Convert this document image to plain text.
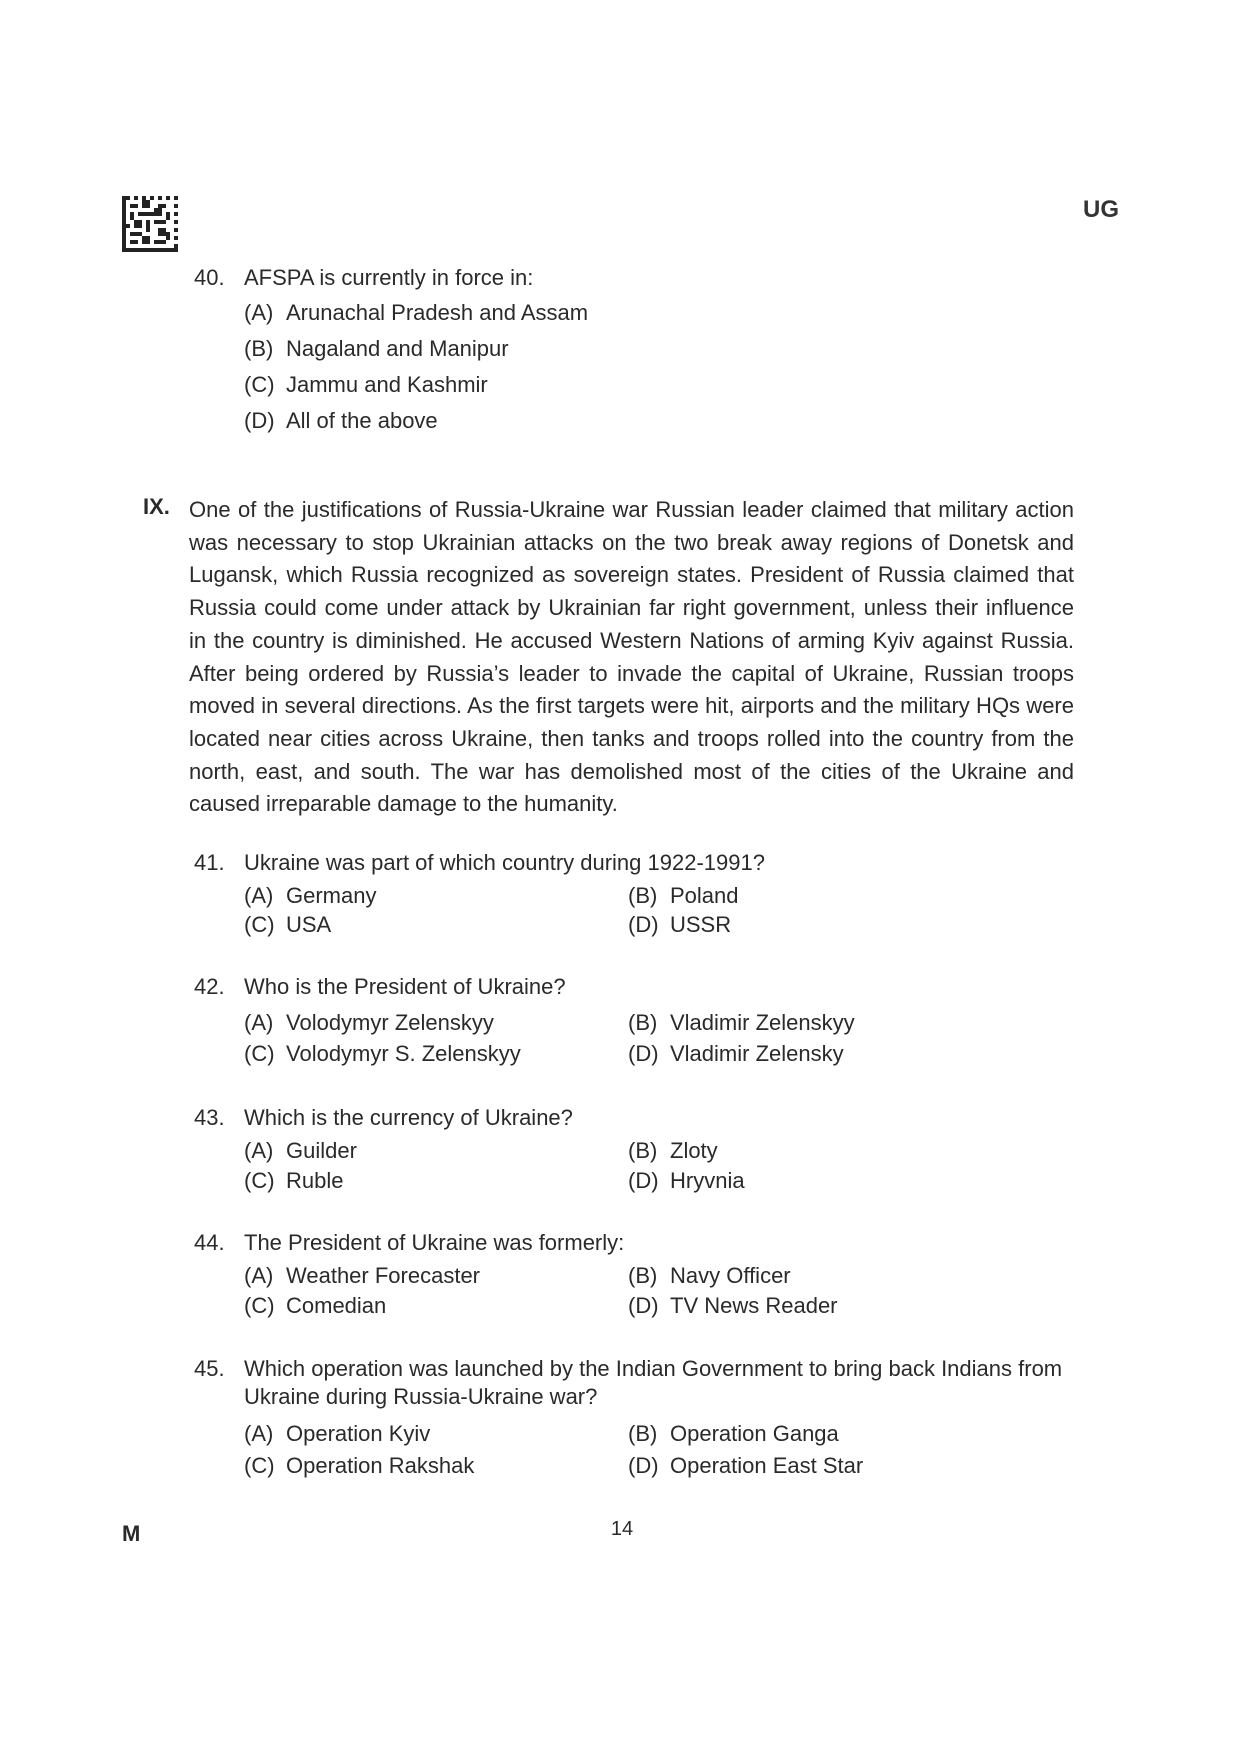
UG
40. AFSPA is currently in force in:
(A) Arunachal Pradesh and Assam
(B) Nagaland and Manipur
(C) Jammu and Kashmir
(D) All of the above
IX. One of the justifications of Russia-Ukraine war Russian leader claimed that military action was necessary to stop Ukrainian attacks on the two break away regions of Donetsk and Lugansk, which Russia recognized as sovereign states. President of Russia claimed that Russia could come under attack by Ukrainian far right government, unless their influence in the country is diminished. He accused Western Nations of arming Kyiv against Russia. After being ordered by Russia’s leader to invade the capital of Ukraine, Russian troops moved in several directions. As the first targets were hit, airports and the military HQs were located near cities across Ukraine, then tanks and troops rolled into the country from the north, east, and south. The war has demolished most of the cities of the Ukraine and caused irreparable damage to the humanity.
41. Ukraine was part of which country during 1922-1991?
(A) Germany	(B) Poland
(C) USA	(D) USSR
42. Who is the President of Ukraine?
(A) Volodymyr Zelenskyy	(B) Vladimir Zelenskyy
(C) Volodymyr S. Zelenskyy	(D) Vladimir Zelensky
43. Which is the currency of Ukraine?
(A) Guilder	(B) Zloty
(C) Ruble	(D) Hryvnia
44. The President of Ukraine was formerly:
(A) Weather Forecaster	(B) Navy Officer
(C) Comedian	(D) TV News Reader
45. Which operation was launched by the Indian Government to bring back Indians from Ukraine during Russia-Ukraine war?
(A) Operation Kyiv	(B) Operation Ganga
(C) Operation Rakshak	(D) Operation East Star
M	14
